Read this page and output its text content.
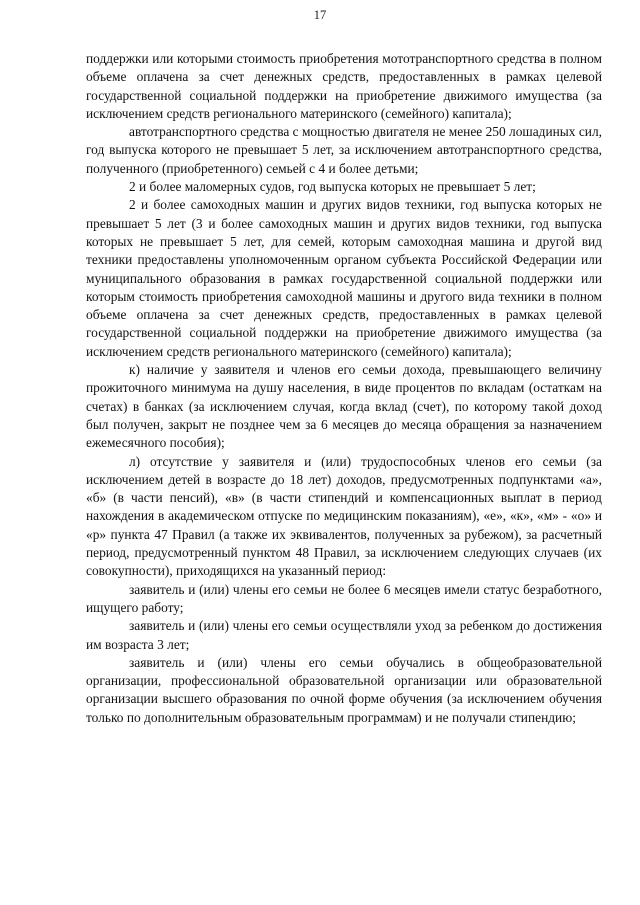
17

поддержки или которыми стоимость приобретения мототранспортного средства в полном объеме оплачена за счет денежных средств, предоставленных в рамках целевой государственной социальной поддержки на приобретение движимого имущества (за исключением средств регионального материнского (семейного) капитала);

автотранспортного средства с мощностью двигателя не менее 250 лошадиных сил, год выпуска которого не превышает 5 лет, за исключением автотранспортного средства, полученного (приобретенного) семьей с 4 и более детьми;

2 и более маломерных судов, год выпуска которых не превышает 5 лет;

2 и более самоходных машин и других видов техники, год выпуска которых не превышает 5 лет (3 и более самоходных машин и других видов техники, год выпуска которых не превышает 5 лет, для семей, которым самоходная машина и другой вид техники предоставлены уполномоченным органом субъекта Российской Федерации или муниципального образования в рамках государственной социальной поддержки или которым стоимость приобретения самоходной машины и другого вида техники в полном объеме оплачена за счет денежных средств, предоставленных в рамках целевой государственной социальной поддержки на приобретение движимого имущества (за исключением средств регионального материнского (семейного) капитала);

к) наличие у заявителя и членов его семьи дохода, превышающего величину прожиточного минимума на душу населения, в виде процентов по вкладам (остаткам на счетах) в банках (за исключением случая, когда вклад (счет), по которому такой доход был получен, закрыт не позднее чем за 6 месяцев до месяца обращения за назначением ежемесячного пособия);

л) отсутствие у заявителя и (или) трудоспособных членов его семьи (за исключением детей в возрасте до 18 лет) доходов, предусмотренных подпунктами «а», «б» (в части пенсий), «в» (в части стипендий и компенсационных выплат в период нахождения в академическом отпуске по медицинским показаниям), «е», «к», «м» - «о» и «р» пункта 47 Правил (а также их эквивалентов, полученных за рубежом), за расчетный период, предусмотренный пунктом 48 Правил, за исключением следующих случаев (их совокупности), приходящихся на указанный период:

заявитель и (или) члены его семьи не более 6 месяцев имели статус безработного, ищущего работу;

заявитель и (или) члены его семьи осуществляли уход за ребенком до достижения им возраста 3 лет;

заявитель и (или) члены его семьи обучались в общеобразовательной организации, профессиональной образовательной организации или образовательной организации высшего образования по очной форме обучения (за исключением обучения только по дополнительным образовательным программам) и не получали стипендию;
